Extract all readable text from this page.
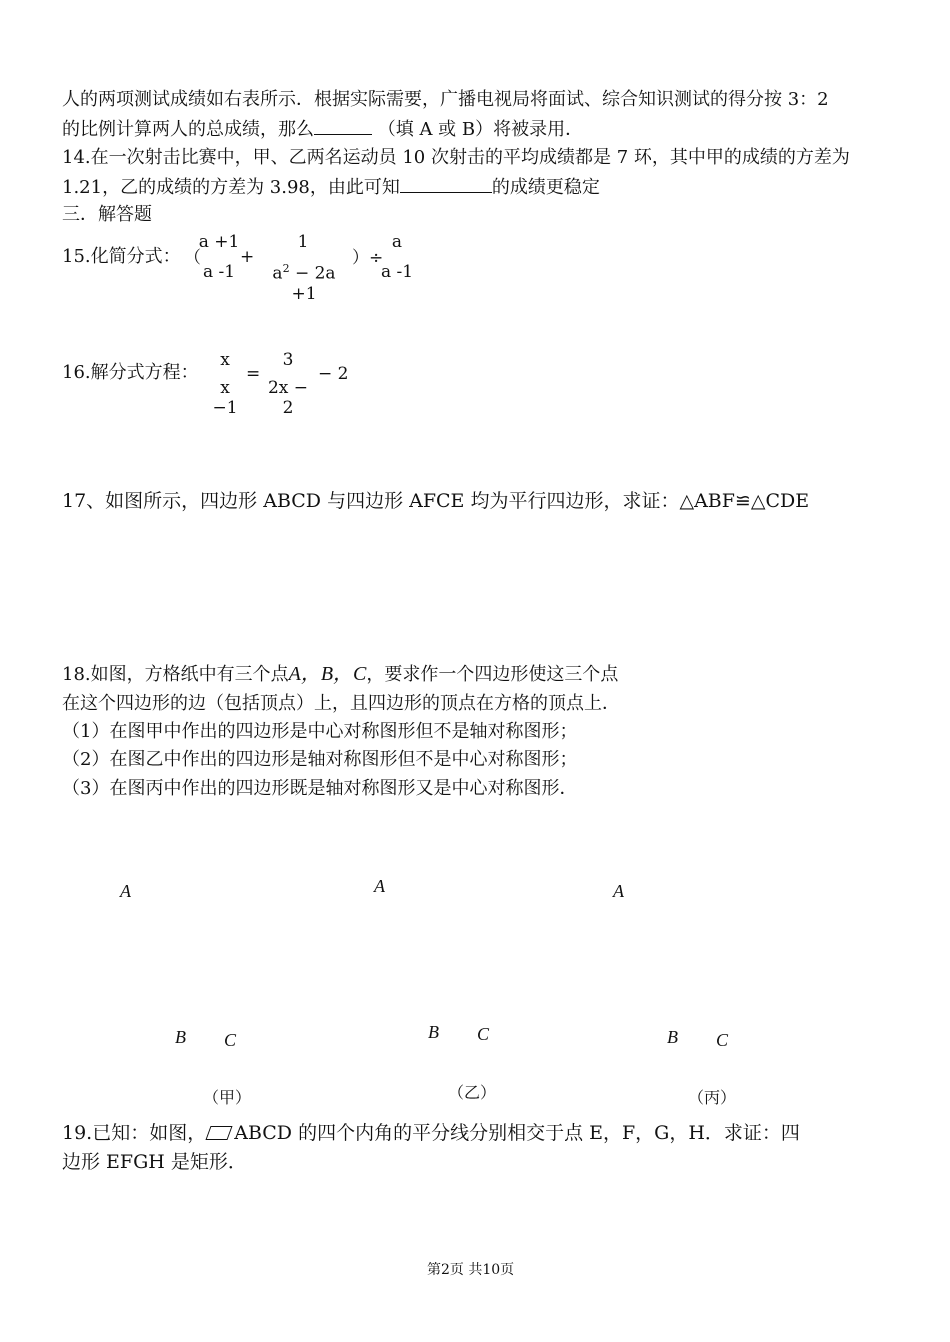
人的两项测试成绩如右表所示．根据实际需要，广播电视局将面试、综合知识测试的得分按 3：2
的比例计算两人的总成绩，那么	（填 A 或 B）将被录用．
14.在一次射击比赛中，甲、乙两名运动员 10 次射击的平均成绩都是 7 环，其中甲的成绩的方差为
1.21，乙的成绩的方差为 3.98，由此可知	的成绩更稳定
三．解答题
15.化简分式： （
a +1
a -1
+
1
$a^2 - 2a +1$
）÷
a
a -1
16.解分式方程：
x
x −1
=
3
2x − 2
− 2
17、如图所示，四边形 ABCD 与四边形 AFCE 均为平行四边形，求证：△ABF≌△CDE
18.如图，方格纸中有三个点A，B，C，要求作一个四边形使这三个点
在这个四边形的边（包括顶点）上，且四边形的顶点在方格的顶点上．
（1）在图甲中作出的四边形是中心对称图形但不是轴对称图形；
（2）在图乙中作出的四边形是轴对称图形但不是中心对称图形；
（3）在图丙中作出的四边形既是轴对称图形又是中心对称图形．
A
B C
（甲）
A
B C
（乙）
A
B C
（丙）
19.已知：如图， ABCD 的四个内角的平分线分别相交于点 E，F，G，H．求证：四
边形 EFGH 是矩形．
第2页 共10页
